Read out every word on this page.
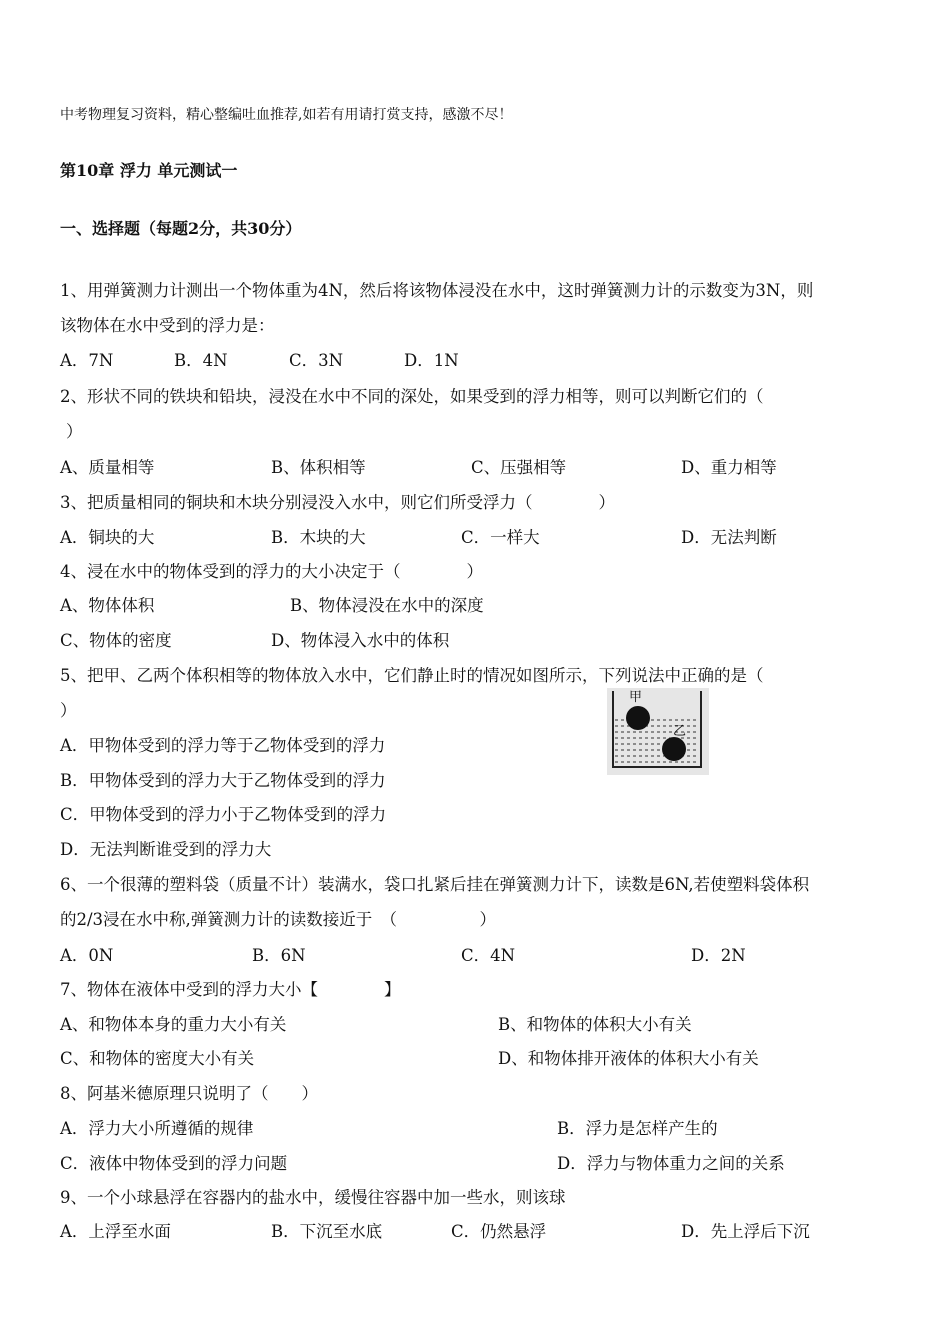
中考物理复习资料，精心整编吐血推荐,如若有用请打赏支持，感激不尽！
第10章 浮力 单元测试一
一、选择题（每题2分，共30分）
1、用弹簧测力计测出一个物体重为4N，然后将该物体浸没在水中，这时弹簧测力计的示数变为3N，则
该物体在水中受到的浮力是：
A．7N	B．4N	C．3N	D．1N
2、形状不同的铁块和铅块，浸没在水中不同的深处，如果受到的浮力相等，则可以判断它们的（
）
A、质量相等	B、体积相等	C、压强相等	D、重力相等
3、把质量相同的铜块和木块分别浸没入水中，则它们所受浮力（　　　　）
A．铜块的大	B．木块的大	C．一样大	D．无法判断
4、浸在水中的物体受到的浮力的大小决定于（　　　　）
A、物体体积	B、物体浸没在水中的深度
C、物体的密度	D、物体浸入水中的体积
5、把甲、乙两个体积相等的物体放入水中，它们静止时的情况如图所示，下列说法中正确的是（
）
A．甲物体受到的浮力等于乙物体受到的浮力
B．甲物体受到的浮力大于乙物体受到的浮力
C．甲物体受到的浮力小于乙物体受到的浮力
D．无法判断谁受到的浮力大
甲
乙
6、一个很薄的塑料袋（质量不计）装满水，袋口扎紧后挂在弹簧测力计下，读数是6N,若使塑料袋体积
的2/3浸在水中称,弹簧测力计的读数接近于　（　　　　　）
A．0N	B．6N	C．4N	D．2N
7、物体在液体中受到的浮力大小【　　　　】
A、和物体本身的重力大小有关	B、和物体的体积大小有关
C、和物体的密度大小有关	D、和物体排开液体的体积大小有关
8、阿基米德原理只说明了（　　）
A．浮力大小所遵循的规律	B．浮力是怎样产生的
C．液体中物体受到的浮力问题	D．浮力与物体重力之间的关系
9、一个小球悬浮在容器内的盐水中，缓慢往容器中加一些水，则该球
A．上浮至水面	B．下沉至水底	C．仍然悬浮	D．先上浮后下沉
